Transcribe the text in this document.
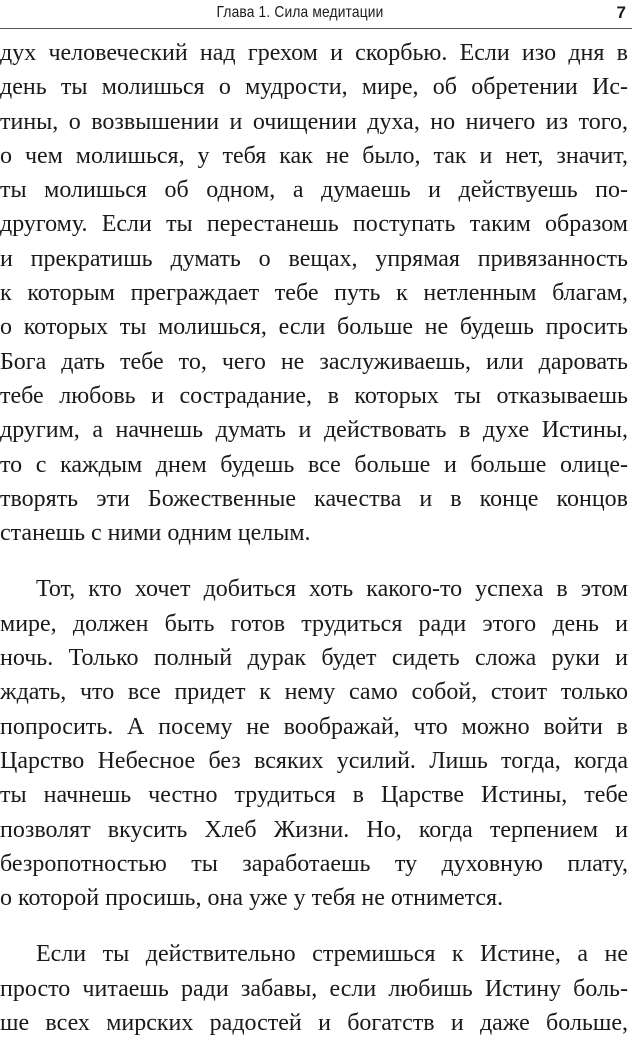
Глава 1. Сила медитации	7
дух человеческий над грехом и скорбью. Если изо дня в
день ты молишься о мудрости, мире, об обретении Ис-
тины, о возвышении и очищении духа, но ничего из того,
о чем молишься, у тебя как не было, так и нет, значит,
ты молишься об одном, а думаешь и действуешь по-
другому. Если ты перестанешь поступать таким образом
и прекратишь думать о вещах, упрямая привязанность
к которым преграждает тебе путь к нетленным благам,
о которых ты молишься, если больше не будешь просить
Бога дать тебе то, чего не заслуживаешь, или даровать
тебе любовь и сострадание, в которых ты отказываешь
другим, а начнешь думать и действовать в духе Истины,
то с каждым днем будешь все больше и больше олице-
творять эти Божественные качества и в конце концов
станешь с ними одним целым.
Тот, кто хочет добиться хоть какого-то успеха в этом
мире, должен быть готов трудиться ради этого день и
ночь. Только полный дурак будет сидеть сложа руки и
ждать, что все придет к нему само собой, стоит только
попросить. А посему не воображай, что можно войти в
Царство Небесное без всяких усилий. Лишь тогда, когда
ты начнешь честно трудиться в Царстве Истины, тебе
позволят вкусить Хлеб Жизни. Но, когда терпением и
безропотностью ты заработаешь ту духовную плату,
о которой просишь, она уже у тебя не отнимется.
Если ты действительно стремишься к Истине, а не
просто читаешь ради забавы, если любишь Истину боль-
ше всех мирских радостей и богатств и даже больше,
